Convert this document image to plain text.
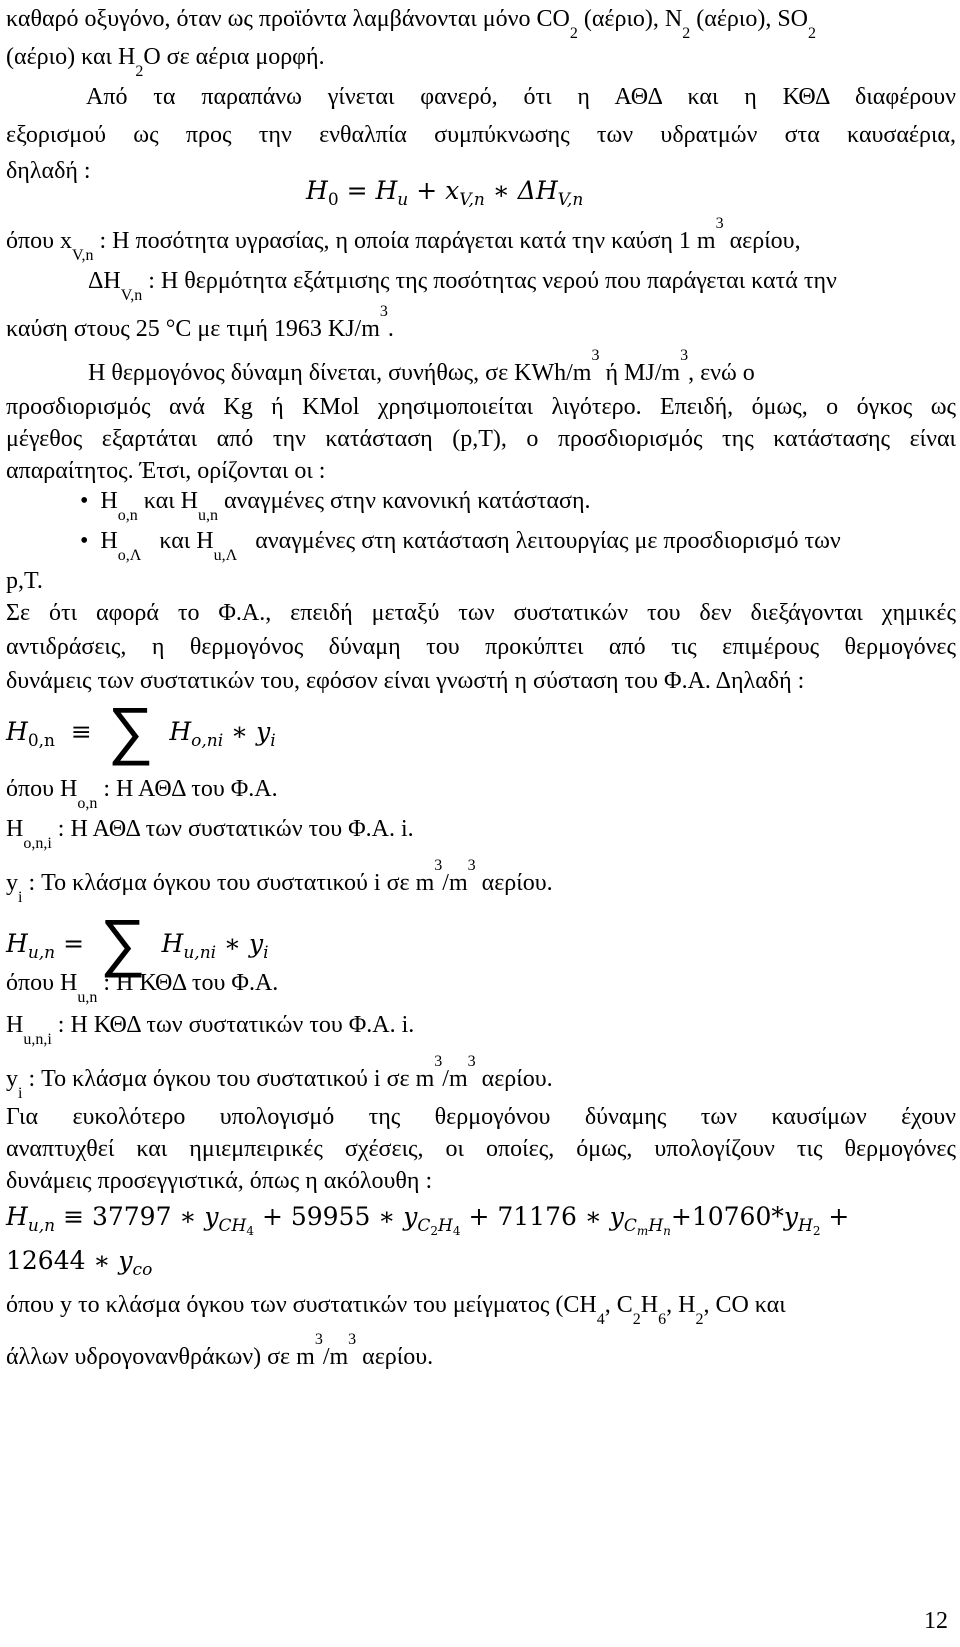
καθαρό οξυγόνο, όταν ως προϊόντα λαμβάνονται μόνο $CO_2$ (αέριο), $N_2$ (αέριο), $SO_2$
(αέριο) και $H_2O$ σε αέρια μορφή.
Από τα παραπάνω γίνεται φανερό, ότι η ΑΘΔ και η ΚΘΔ διαφέρουν
εξορισμού ως προς την ενθαλπία συμπύκνωσης των υδρατμών στα καυσαέρια,
δηλαδή :
$H_0 = H_u + x_{V,n}$ ∗ $\Delta H_{V,n}$
όπου $x_{V,n}$ : Η ποσότητα υγρασίας, η οποία παράγεται κατά την καύση 1 $m^3$ αερίου,
$\Delta H_{V,n}$ : Η θερμότητα εξάτμισης της ποσότητας νερού που παράγεται κατά την
καύση στους 25 °C με τιμή 1963 $KJ/m^3$.
Η θερμογόνος δύναμη δίνεται, συνήθως, σε KWh/$m^3$ ή $MJ/m^3$, ενώ ο
προσδιορισμός ανά Kg ή KMol χρησιμοποιείται λιγότερο. Επειδή, όμως, ο όγκος ως
μέγεθος εξαρτάται από την κατάσταση (p,T), ο προσδιορισμός της κατάστασης είναι
απαραίτητος. Έτσι, ορίζονται οι :
•  $H_{o,n}$ και $H_{u,n}$ αναγμένες στην κανονική κατάσταση.
•  $H_{o,\Lambda}$   και $H_{u,\Lambda}$   αναγμένες στη κατάσταση λειτουργίας με προσδιορισμό των
p,T.
Σε ότι αφορά το Φ.Α., επειδή μεταξύ των συστατικών του δεν διεξάγονται χημικές
αντιδράσεις, η θερμογόνος δύναμη του προκύπτει από τις επιμέρους θερμογόνες
δυνάμεις των συστατικών του, εφόσον είναι γνωστή η σύσταση του Φ.Α. Δηλαδή :
$H_{0,n}$  ≡ ∑ $H_{o,ni}$ ∗ $y_i$
όπου $H_{o,n}$ : Η ΑΘΔ του Φ.Α.
$H_{o,n,i}$ : Η ΑΘΔ των συστατικών του Φ.Α. i.
$y_i$ : Το κλάσμα όγκου του συστατικού i σε $m^3/m^3$ αερίου.
$H_{u,n}$ = ∑ $H_{u,ni}$ ∗ $y_i$
όπου $H_{u,n}$ : Η ΚΘΔ του Φ.Α.
$H_{u,n,i}$ : Η ΚΘΔ των συστατικών του Φ.Α. i.
$y_i$ : Το κλάσμα όγκου του συστατικού i σε $m^3/m^3$ αερίου.
Για ευκολότερο υπολογισμό της θερμογόνου δύναμης των καυσίμων έχουν
αναπτυχθεί και ημιεμπειρικές σχέσεις, οι οποίες, όμως, υπολογίζουν τις θερμογόνες
δυνάμεις προσεγγιστικά, όπως η ακόλουθη :
$H_{u,n} \equiv 37797$ ∗ $y_{CH_4} + 59955$ ∗ $y_{C_2H_4} + 71176$ ∗ $y_{C_mH_n}+10760*y_{H_2}$ +
12644 ∗ $y_{co}$
όπου y το κλάσμα όγκου των συστατικών του μείγματος ($CH_4$, $C_2H_6$, $H_2$, CO και
άλλων υδρογονανθράκων) σε $m^3/m^3$ αερίου.
12
